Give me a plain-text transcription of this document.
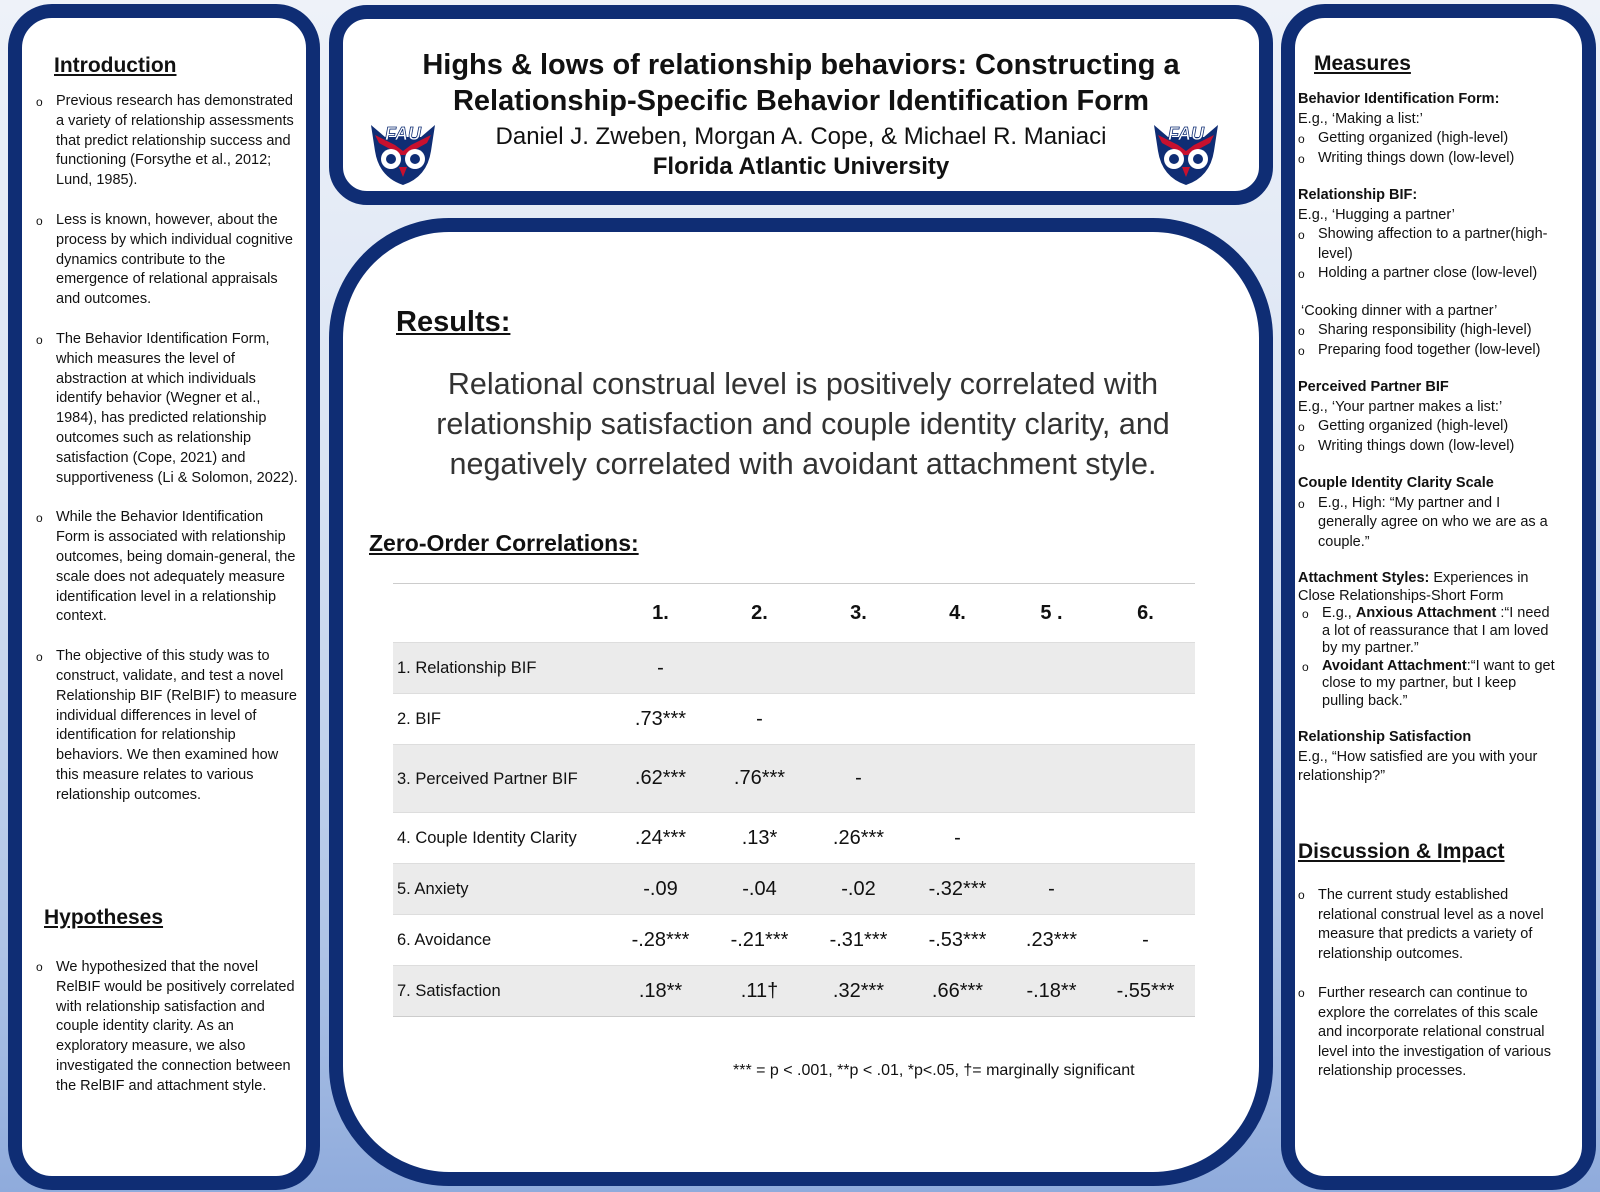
Introduction
o Previous research has demonstrated a variety of relationship assessments that predict relationship success and functioning (Forsythe et al., 2012; Lund, 1985).
o Less is known, however, about the process by which individual cognitive dynamics contribute to the emergence of relational appraisals and outcomes.
o The Behavior Identification Form, which measures the level of abstraction at which individuals identify behavior (Wegner et al., 1984), has predicted relationship outcomes such as relationship satisfaction (Cope, 2021) and supportiveness (Li & Solomon, 2022).
o While the Behavior Identification Form is associated with relationship outcomes, being domain-general, the scale does not adequately measure identification level in a relationship context.
o The objective of this study was to construct, validate, and test a novel Relationship BIF (RelBIF) to measure individual differences in level of identification for relationship behaviors. We then examined how this measure relates to various relationship outcomes.
Hypotheses
o We hypothesized that the novel RelBIF would be positively correlated with relationship satisfaction and couple identity clarity. As an exploratory measure, we also investigated the connection between the RelBIF and attachment style.
FAU	FAU
Highs & lows of relationship behaviors: Constructing a
Relationship-Specific Behavior Identification Form
Daniel J. Zweben, Morgan A. Cope, & Michael R. Maniaci
Florida Atlantic University
Results:
Relational construal level is positively correlated with relationship satisfaction and couple identity clarity, and negatively correlated with avoidant attachment style.
Zero-Order Correlations:
	1.	2.	3.	4.	5 .	6.
1. Relationship BIF	-					
2. BIF	.73***	-				
3. Perceived Partner BIF	.62***	.76***	-			
4. Couple Identity Clarity	.24***	.13*	.26***	-		
5. Anxiety	-.09	-.04	-.02	-.32***	-	
6. Avoidance	-.28***	-.21***	-.31***	-.53***	.23***	-
7. Satisfaction	.18**	.11†	.32***	.66***	-.18**	-.55***
*** = p < .001, **p < .01, *p<.05, †= marginally significant
Measures
Behavior Identification Form:
E.g., ‘Making a list:’
o Getting organized (high-level)
o Writing things down (low-level)
Relationship BIF:
E.g., ‘Hugging a partner’
o Showing affection to a partner(high-level)
o Holding a partner close (low-level)
‘Cooking dinner with a partner’
o Sharing responsibility (high-level)
o Preparing food together (low-level)
Perceived Partner BIF
E.g., ‘Your partner makes a list:’
o Getting organized (high-level)
o Writing things down (low-level)
Couple Identity Clarity Scale
o E.g., High: “My partner and I generally agree on who we are as a couple.”
Attachment Styles: Experiences in Close Relationships-Short Form
o E.g., Anxious Attachment :“I need a lot of reassurance that I am loved by my partner.”
o Avoidant Attachment:“I want to get close to my partner, but I keep pulling back.”
Relationship Satisfaction
E.g., “How satisfied are you with your relationship?”
Discussion & Impact
o The current study established relational construal level as a novel measure that predicts a variety of relationship outcomes.
o Further research can continue to explore the correlates of this scale and incorporate relational construal level into the investigation of various relationship processes.
